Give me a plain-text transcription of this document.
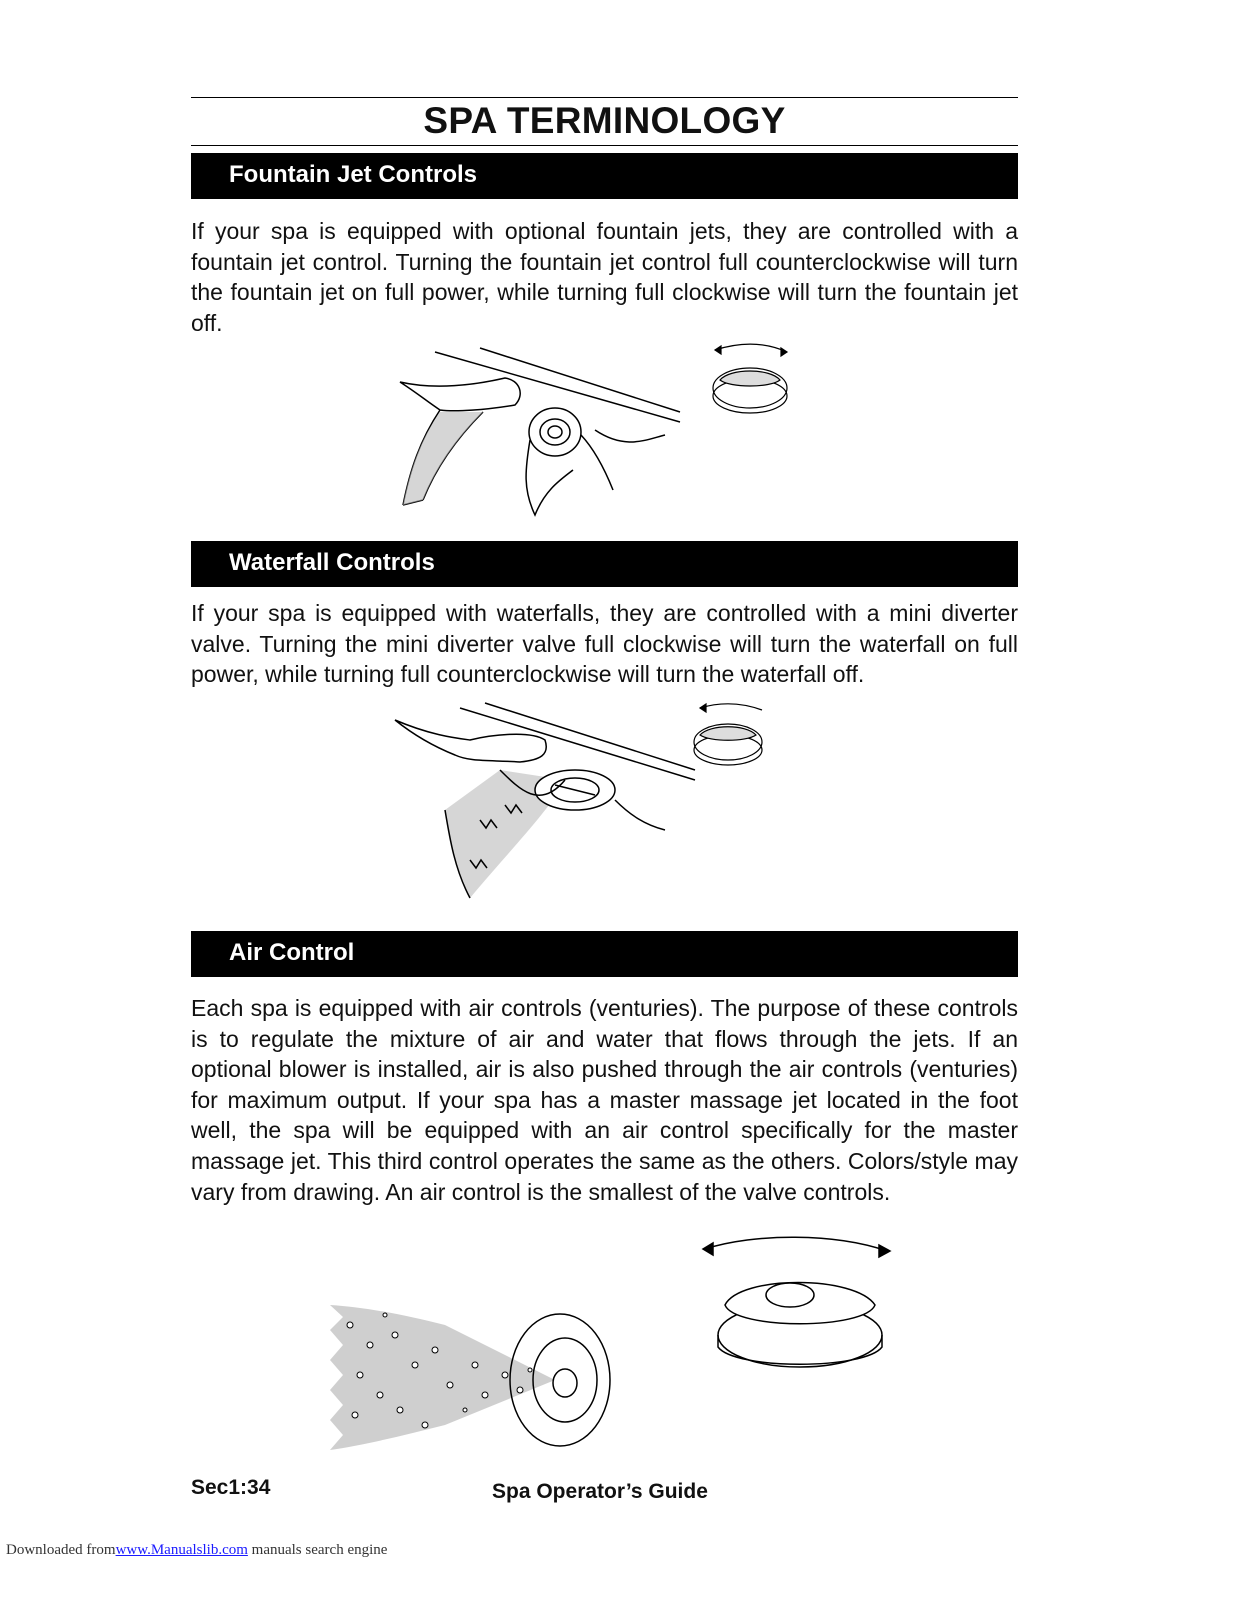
SPA TERMINOLOGY
Fountain Jet Controls

If your spa is equipped with optional fountain jets, they are controlled with a fountain jet control. Turning the fountain jet control full counterclockwise will turn the fountain jet on full power, while turning full clockwise will turn the fountain jet off.

Waterfall Controls

If your spa is equipped with waterfalls, they are controlled with a mini diverter valve. Turning the mini diverter valve full clockwise will turn the waterfall on full power, while turning full counterclockwise will turn the waterfall off.

Air Control

Each spa is equipped with air controls (venturies). The purpose of these controls is to regulate the mixture of air and water that flows through the jets. If an optional blower is installed, air is also pushed through the air controls (venturies) for maximum output. If your spa has a master massage jet located in the foot well, the spa will be equipped with an air control specifically for the master massage jet. This third control operates the same as the others. Colors/style may vary from drawing. An air control is the smallest of the valve controls.

Sec1:34	Spa Operator’s Guide
Downloaded fromwww.Manualslib.com manuals search engine
